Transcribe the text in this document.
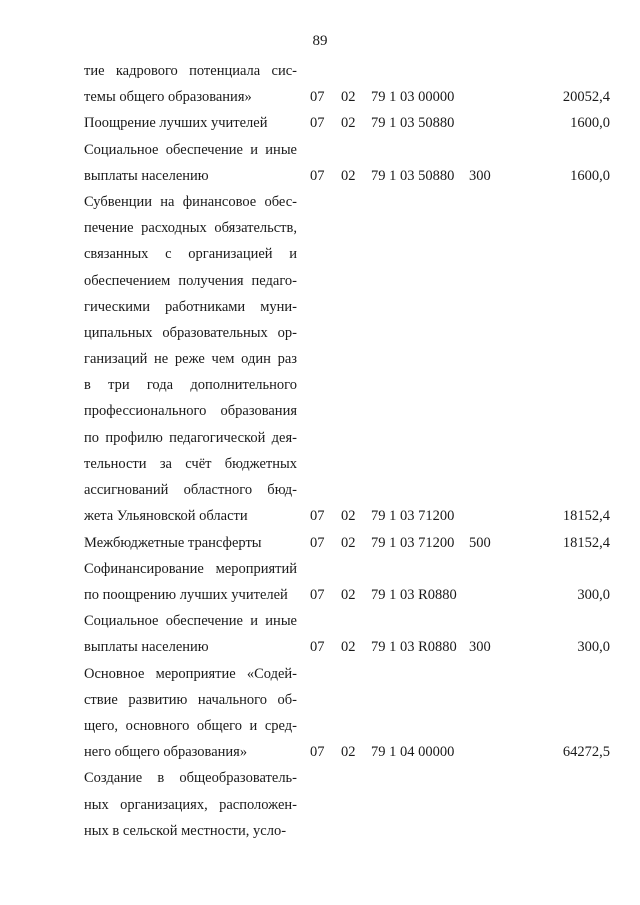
89
тие кадрового потенциала сис-
темы общего образования»	07 02 79 1 03 00000	20052,4
Поощрение лучших учителей	07 02 79 1 03 50880	1600,0
Социальное обеспечение и иные
выплаты населению	07 02 79 1 03 50880 300	1600,0
Субвенции на финансовое обес-
печение расходных обязательств,
связанных с организацией и
обеспечением получения педаго-
гическими работниками муни-
ципальных образовательных ор-
ганизаций не реже чем один раз
в три года дополнительного
профессионального образования
по профилю педагогической дея-
тельности за счёт бюджетных
ассигнований областного бюд-
жета Ульяновской области	07 02 79 1 03 71200	18152,4
Межбюджетные трансферты	07 02 79 1 03 71200 500	18152,4
Софинансирование мероприятий
по поощрению лучших учителей	07 02 79 1 03 R0880	300,0
Социальное обеспечение и иные
выплаты населению	07 02 79 1 03 R0880 300	300,0
Основное мероприятие «Содей-
ствие развитию начального об-
щего, основного общего и сред-
него общего образования»	07 02 79 1 04 00000	64272,5
Создание в общеобразователь-
ных организациях, расположен-
ных в сельской местности, усло-
